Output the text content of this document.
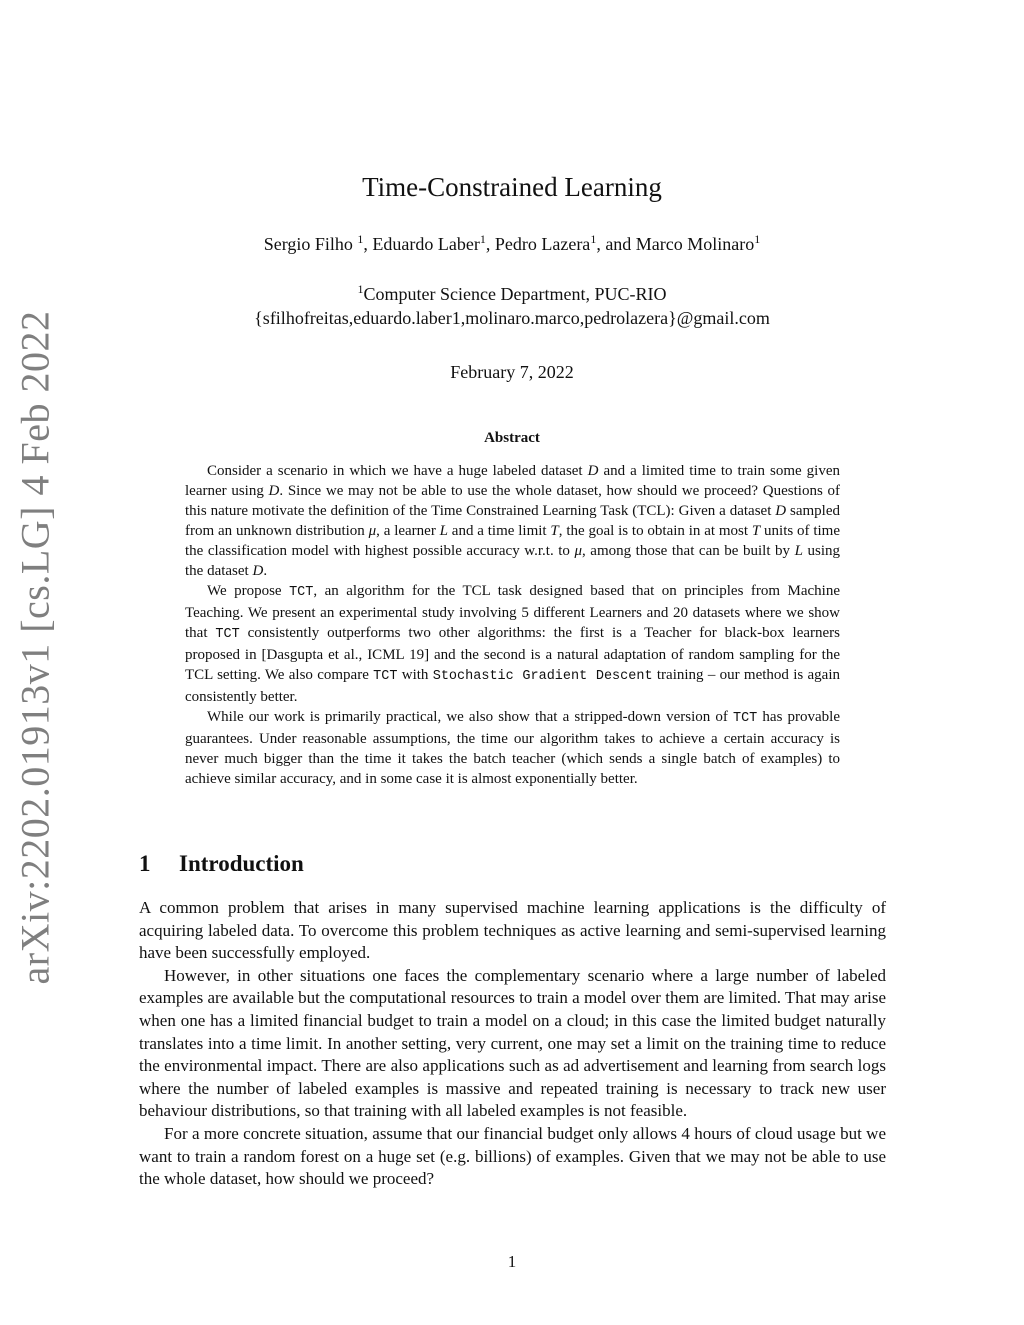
arXiv:2202.01913v1 [cs.LG] 4 Feb 2022
Time-Constrained Learning
Sergio Filho $^1$, Eduardo Laber$^1$, Pedro Lazera$^1$, and Marco Molinaro$^1$
$^1$Computer Science Department, PUC-RIO
{sfilhofreitas,eduardo.laber1,molinaro.marco,pedrolazera}@gmail.com
February 7, 2022
Abstract

Consider a scenario in which we have a huge labeled dataset D and a limited time to train some given learner using D. Since we may not be able to use the whole dataset, how should we proceed? Questions of this nature motivate the definition of the Time Constrained Learning Task (TCL): Given a dataset D sampled from an unknown distribution μ, a learner L and a time limit T, the goal is to obtain in at most T units of time the classification model with highest possible accuracy w.r.t. to μ, among those that can be built by L using the dataset D.

We propose TCT, an algorithm for the TCL task designed based that on principles from Machine Teaching. We present an experimental study involving 5 different Learners and 20 datasets where we show that TCT consistently outperforms two other algorithms: the first is a Teacher for black-box learners proposed in [Dasgupta et al., ICML 19] and the second is a natural adaptation of random sampling for the TCL setting. We also compare TCT with Stochastic Gradient Descent training – our method is again consistently better.

While our work is primarily practical, we also show that a stripped-down version of TCT has provable guarantees. Under reasonable assumptions, the time our algorithm takes to achieve a certain accuracy is never much bigger than the time it takes the batch teacher (which sends a single batch of examples) to achieve similar accuracy, and in some case it is almost exponentially better.

1 Introduction

A common problem that arises in many supervised machine learning applications is the difficulty of acquiring labeled data. To overcome this problem techniques as active learning and semi-supervised learning have been successfully employed.

However, in other situations one faces the complementary scenario where a large number of labeled examples are available but the computational resources to train a model over them are limited. That may arise when one has a limited financial budget to train a model on a cloud; in this case the limited budget naturally translates into a time limit. In another setting, very current, one may set a limit on the training time to reduce the environmental impact. There are also applications such as ad advertisement and learning from search logs where the number of labeled examples is massive and repeated training is necessary to track new user behaviour distributions, so that training with all labeled examples is not feasible.

For a more concrete situation, assume that our financial budget only allows 4 hours of cloud usage but we want to train a random forest on a huge set (e.g. billions) of examples. Given that we may not be able to use the whole dataset, how should we proceed?

1
